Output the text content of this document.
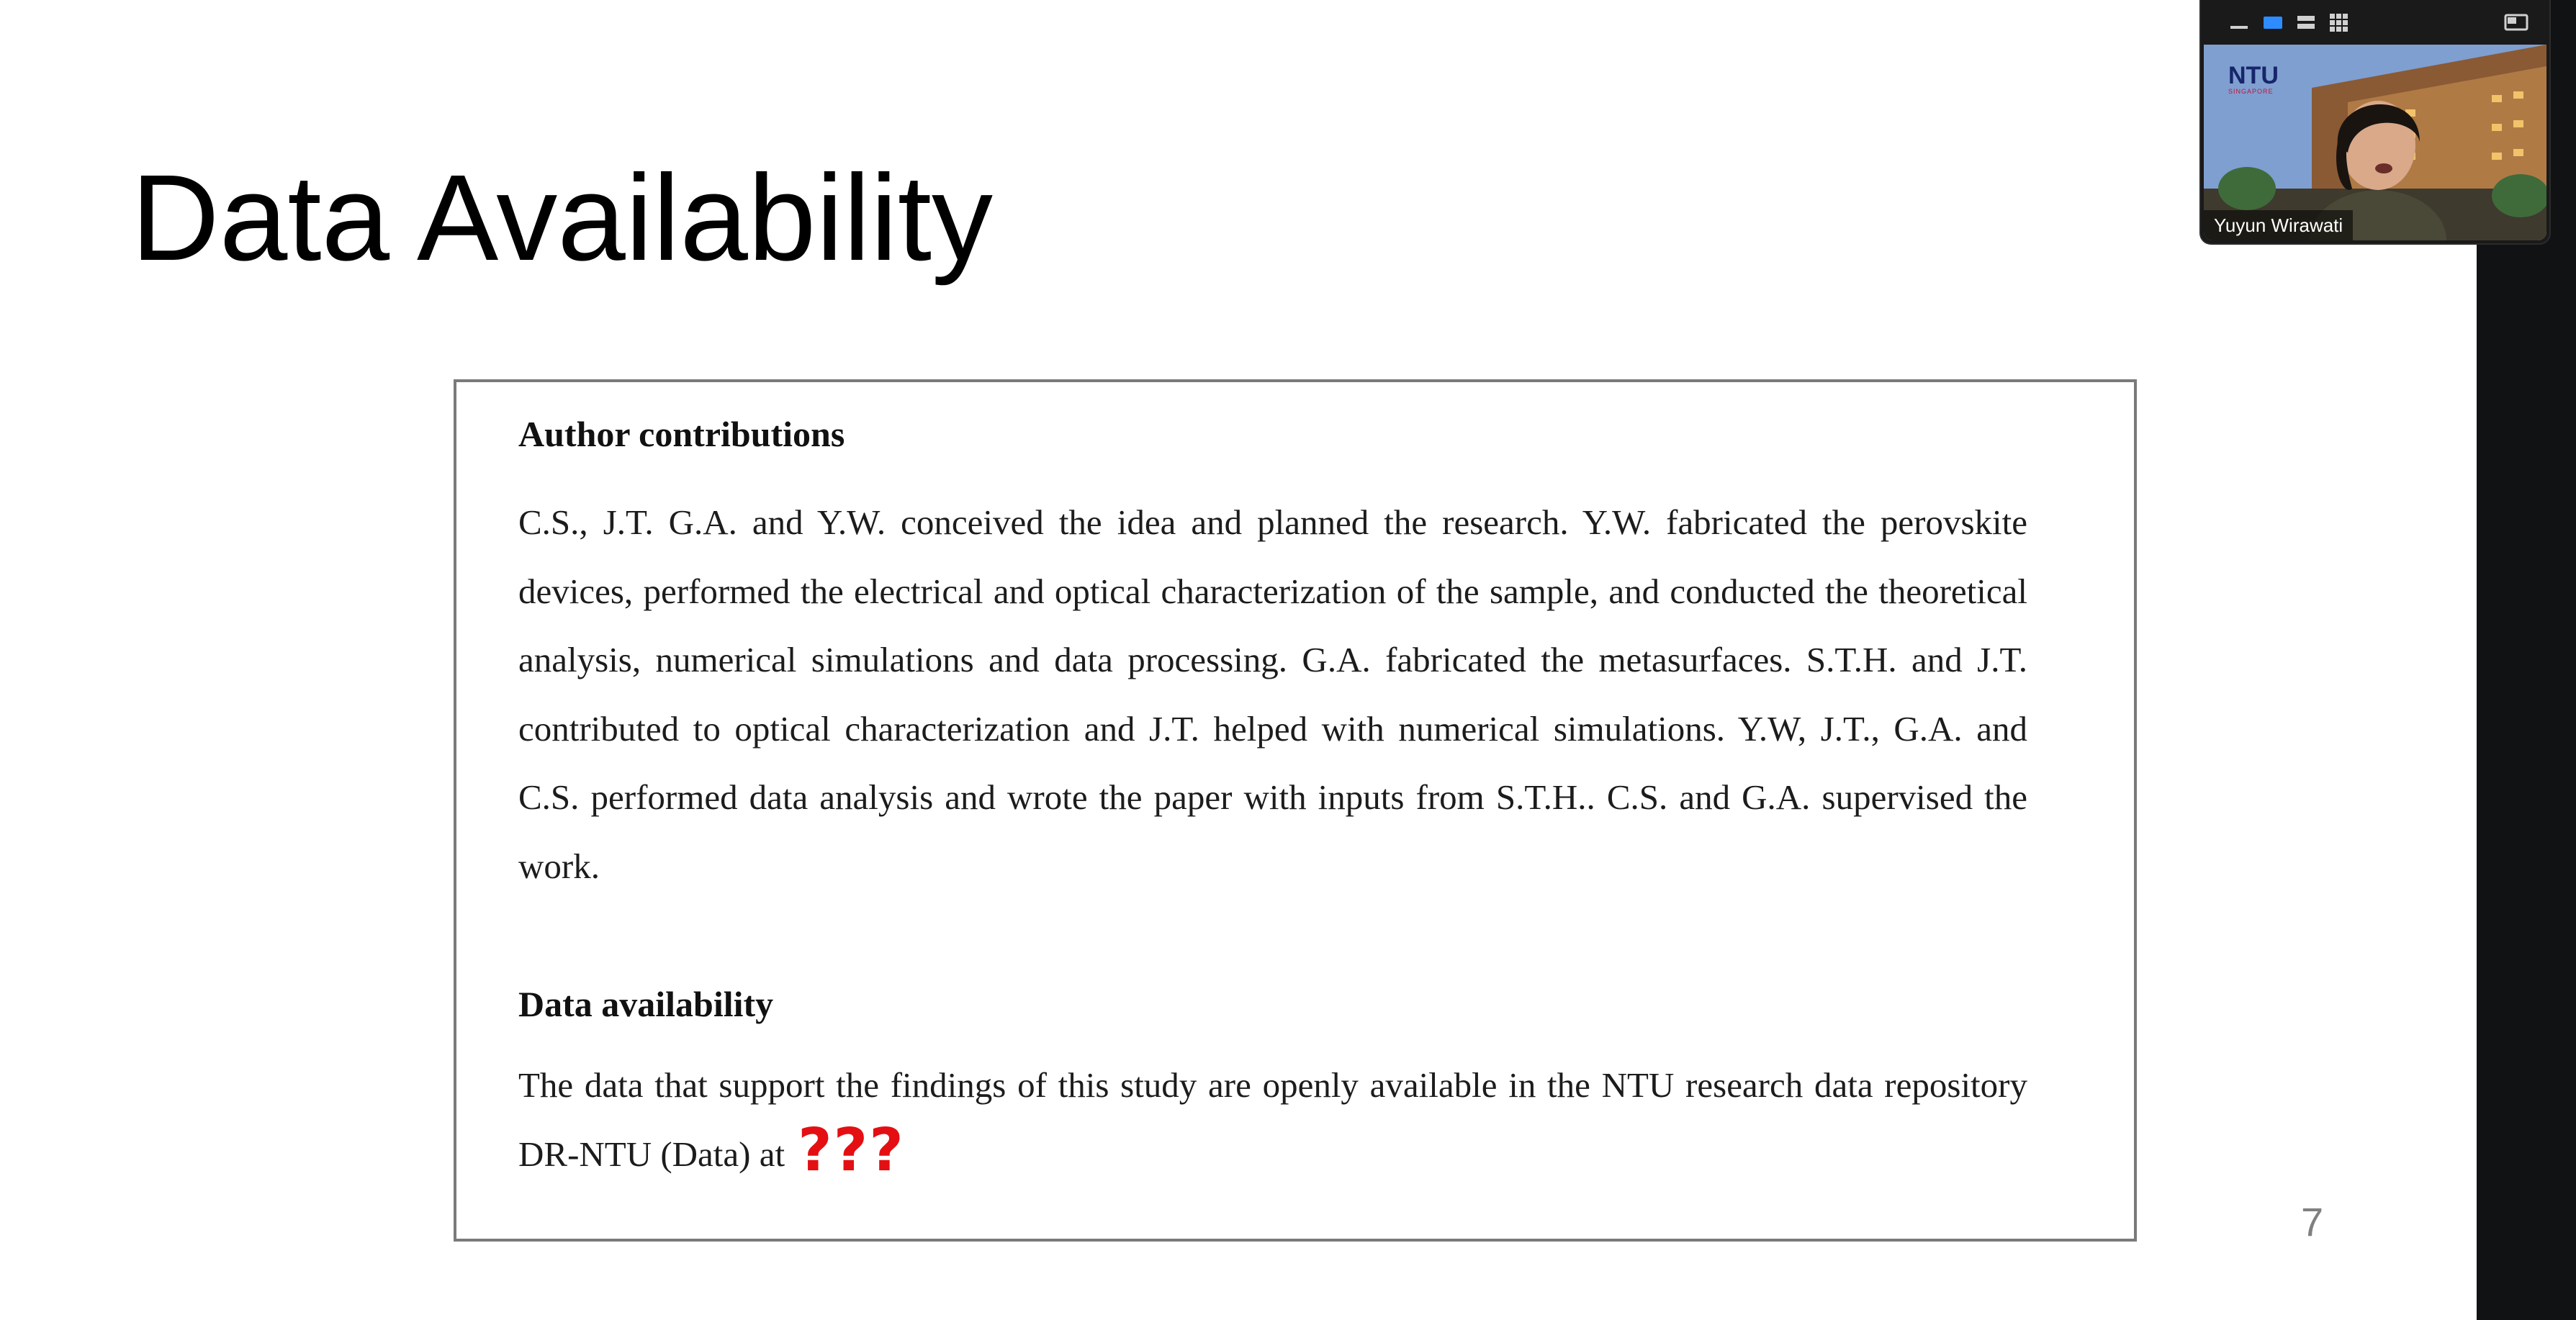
Data Availability
Author contributions
C.S., J.T. G.A. and Y.W. conceived the idea and planned the research. Y.W. fabricated the perovskite devices, performed the electrical and optical characterization of the sample, and conducted the theoretical analysis, numerical simulations and data processing. G.A. fabricated the metasurfaces. S.T.H. and J.T. contributed to optical characterization and J.T. helped with numerical simulations. Y.W, J.T., G.A. and C.S. performed data analysis and wrote the paper with inputs from S.T.H.. C.S. and G.A. supervised the work.
Data availability
The data that support the findings of this study are openly available in the NTU research data repository DR-NTU (Data) at ???
7
NTU
SINGAPORE
Yuyun Wirawati
